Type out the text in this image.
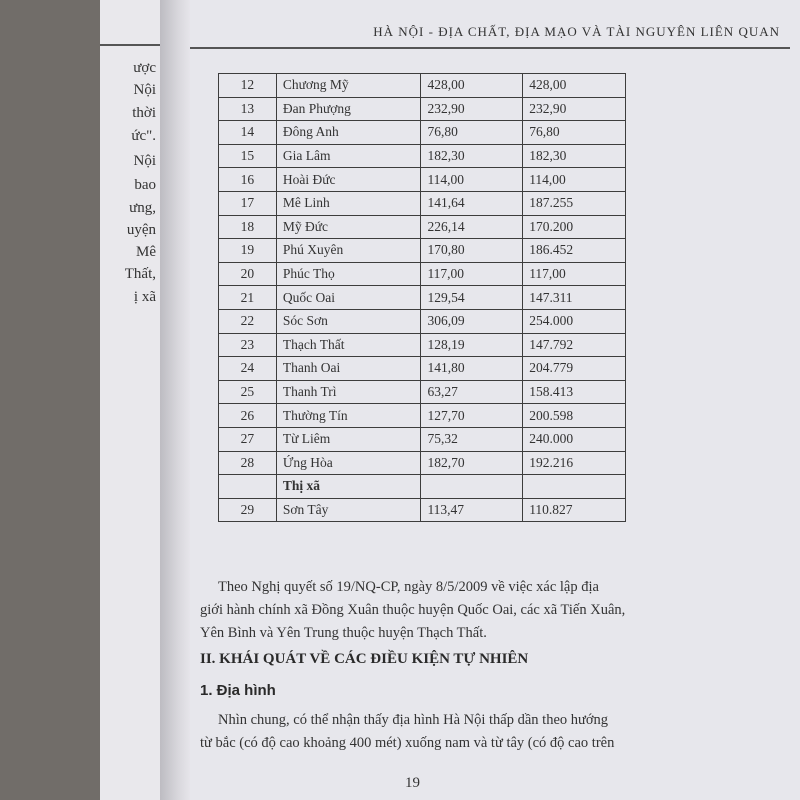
ược
Nội
thời
ức".
Nội
bao
ưng,
uyện
Mê
Thất,
ị xã
HÀ NỘI - ĐỊA CHẤT, ĐỊA MẠO VÀ TÀI NGUYÊN LIÊN QUAN
12	Chương Mỹ	428,00	428,00
13	Đan Phượng	232,90	232,90
14	Đông Anh	76,80	76,80
15	Gia Lâm	182,30	182,30
16	Hoài Đức	114,00	114,00
17	Mê Linh	141,64	187.255
18	Mỹ Đức	226,14	170.200
19	Phú Xuyên	170,80	186.452
20	Phúc Thọ	117,00	117,00
21	Quốc Oai	129,54	147.311
22	Sóc Sơn	306,09	254.000
23	Thạch Thất	128,19	147.792
24	Thanh Oai	141,80	204.779
25	Thanh Trì	63,27	158.413
26	Thường Tín	127,70	200.598
27	Từ Liêm	75,32	240.000
28	Ứng Hòa	182,70	192.216
	Thị xã		
29	Sơn Tây	113,47	110.827
Theo Nghị quyết số 19/NQ-CP, ngày 8/5/2009 về việc xác lập địa
giới hành chính xã Đồng Xuân thuộc huyện Quốc Oai, các xã Tiến Xuân,
Yên Bình và Yên Trung thuộc huyện Thạch Thất.
II. KHÁI QUÁT VỀ CÁC ĐIỀU KIỆN TỰ NHIÊN
1. Địa hình
Nhìn chung, có thể nhận thấy địa hình Hà Nội thấp dần theo hướng
từ bắc (có độ cao khoảng 400 mét) xuống nam và từ tây (có độ cao trên
19
